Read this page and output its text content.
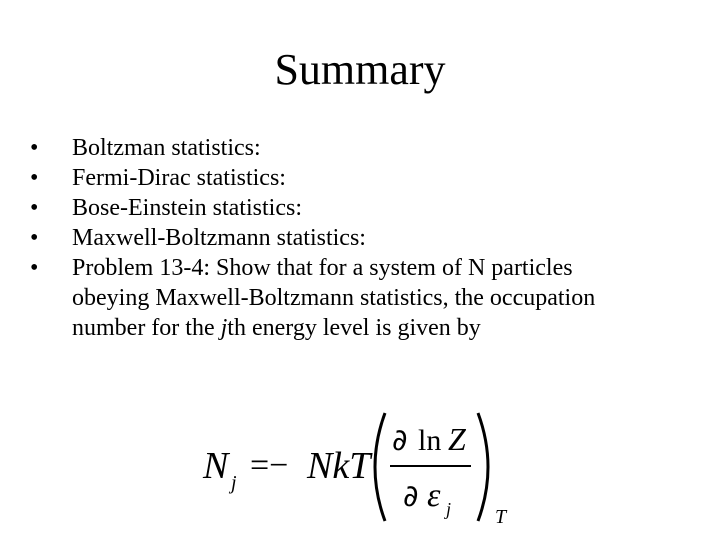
Summary
• Boltzman statistics:
• Fermi-Dirac statistics:
• Bose-Einstein statistics:
• Maxwell-Boltzmann statistics:
• Problem 13-4: Show that for a system of N particles
obeying Maxwell-Boltzmann statistics, the occupation
number for the jth energy level is given by
N j =− NkT
∂ ln Z
∂ ε j T
